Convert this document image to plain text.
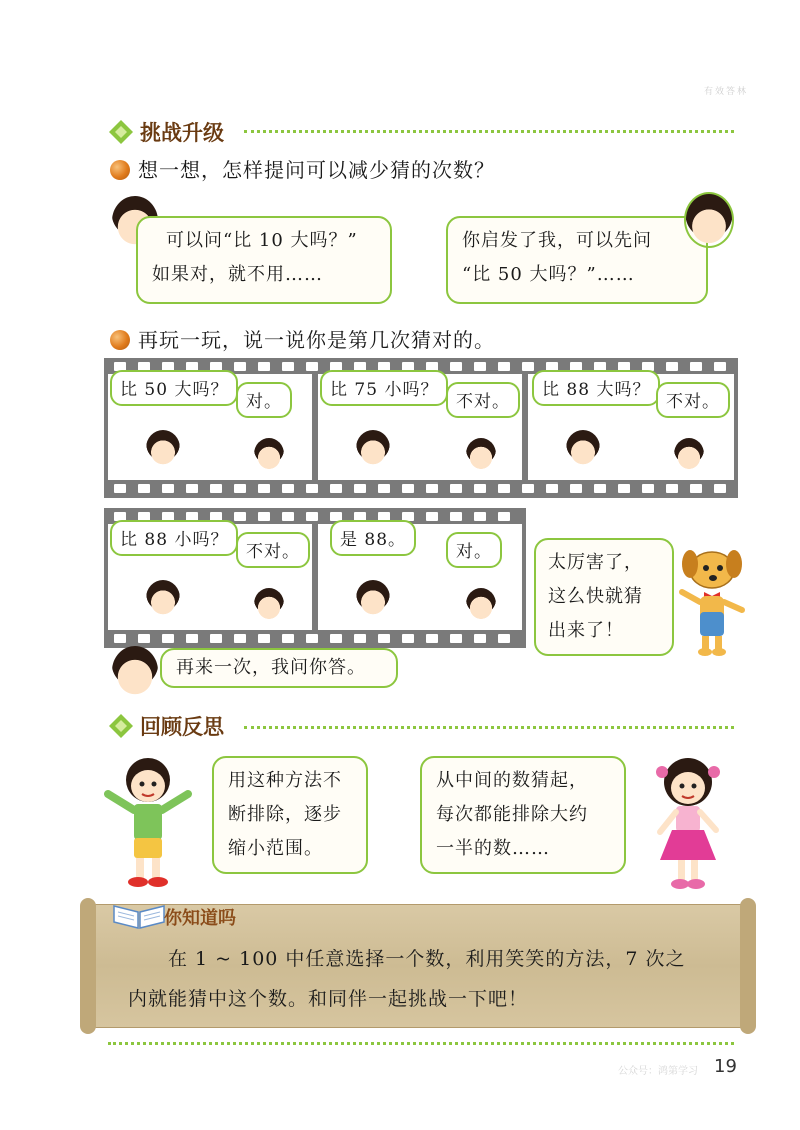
有效答林
挑战升级
想一想，怎样提问可以减少猜的次数？
可以问“比 10 大吗？”
如果对，就不用……
你启发了我，可以先问
“比 50 大吗？”……
再玩一玩，说一说你是第几次猜对的。
比 50 大吗？
对。
比 75 小吗？
不对。
比 88 大吗？
不对。
比 88 小吗？
不对。
是 88。
对。	太厉害了，
这么快就猜
出来了！
再来一次，我问你答。
回顾反思
用这种方法不
断排除，逐步
缩小范围。
从中间的数猜起，
每次都能排除大约
一半的数……
你知道吗
在 1 ~ 100 中任意选择一个数，利用笑笑的方法，7 次之
内就能猜中这个数。和同伴一起挑战一下吧！
公众号：鸿第学习 19
